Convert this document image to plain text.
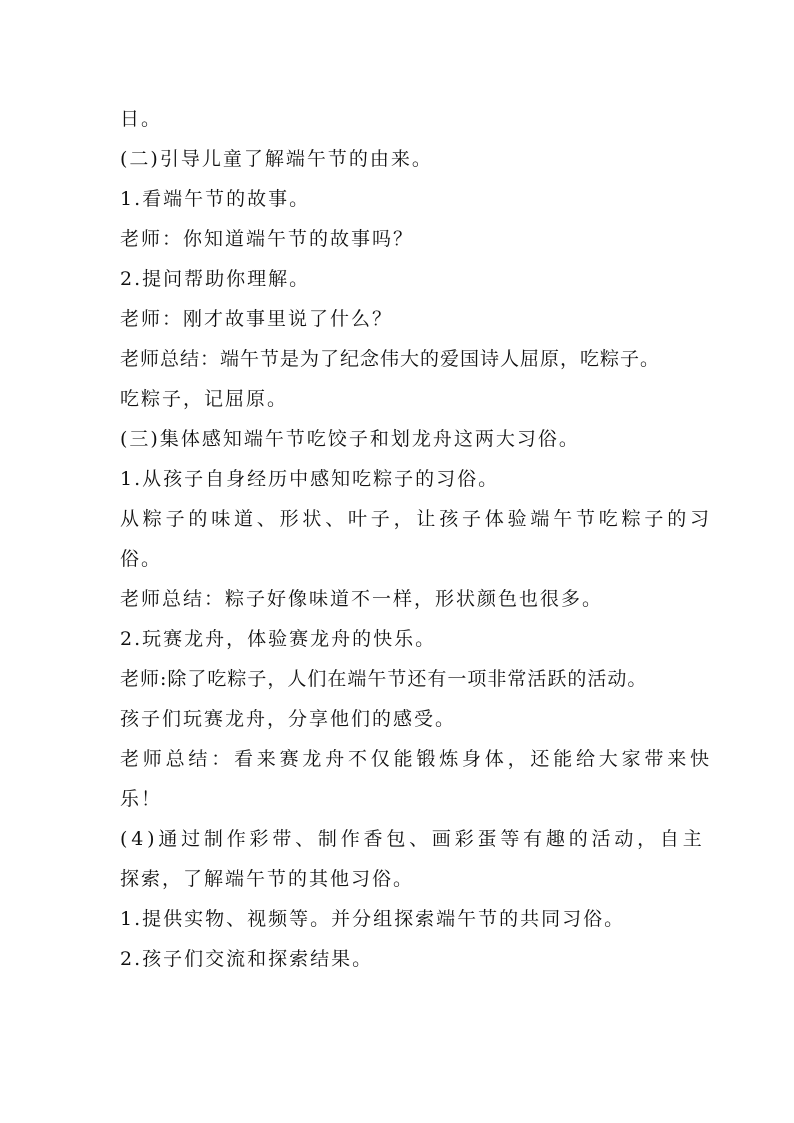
日。

(二)引导儿童了解端午节的由来。

1.看端午节的故事。

老师：你知道端午节的故事吗？

2.提问帮助你理解。

老师：刚才故事里说了什么？

老师总结：端午节是为了纪念伟大的爱国诗人屈原，吃粽子。

吃粽子，记屈原。

(三)集体感知端午节吃饺子和划龙舟这两大习俗。

1.从孩子自身经历中感知吃粽子的习俗。

从粽子的味道、形状、叶子，让孩子体验端午节吃粽子的习

俗。

老师总结：粽子好像味道不一样，形状颜色也很多。

2.玩赛龙舟，体验赛龙舟的快乐。

老师:除了吃粽子，人们在端午节还有一项非常活跃的活动。

孩子们玩赛龙舟，分享他们的感受。

老师总结：看来赛龙舟不仅能锻炼身体，还能给大家带来快

乐！

(4)通过制作彩带、制作香包、画彩蛋等有趣的活动，自主

探索，了解端午节的其他习俗。

1.提供实物、视频等。并分组探索端午节的共同习俗。

2.孩子们交流和探索结果。
